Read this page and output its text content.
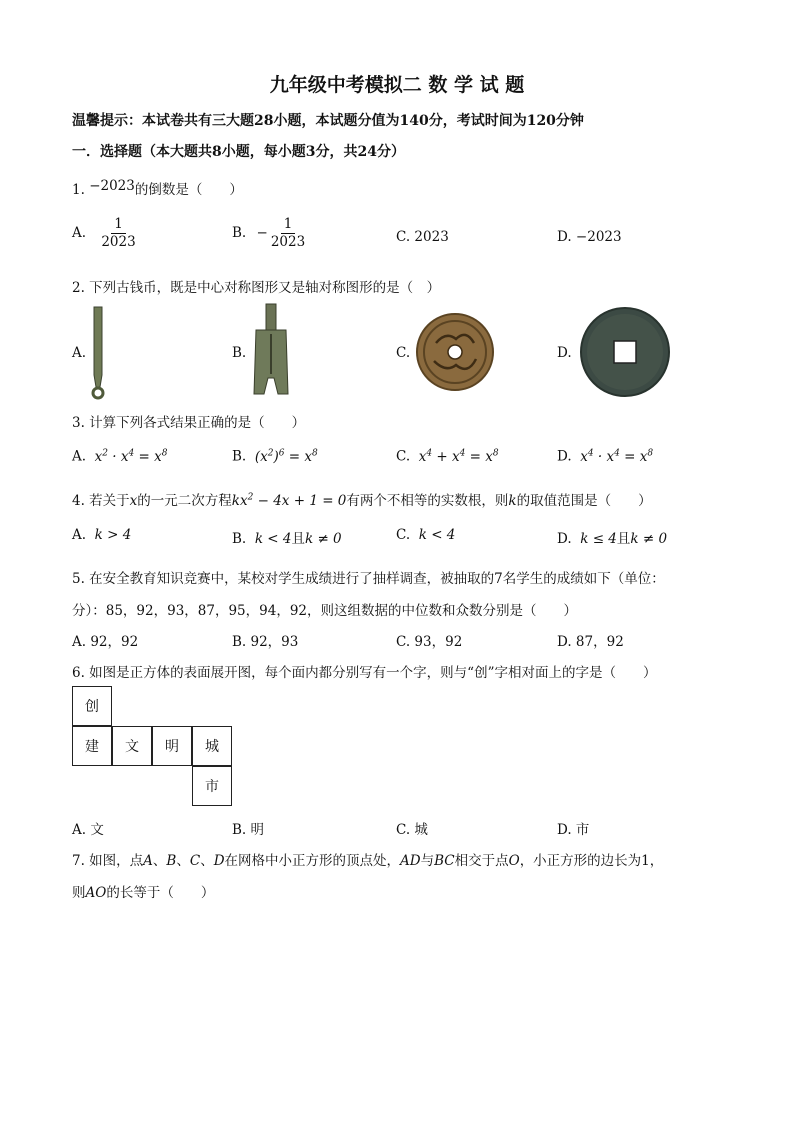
九年级中考模拟二 数 学 试 题
温馨提示：本试卷共有三大题28小题，本试题分值为140分，考试时间为120分钟
一．选择题（本大题共8小题，每小题3分，共24分）
1. −2023的倒数是（　　）
A. $\frac{1}{2023}$	B. − $\frac{1}{2023}$	C. 2023	D. −2023
2. 下列古钱币，既是中心对称图形又是轴对称图形的是（　）
A.	B.	C.	D.
3. 计算下列各式结果正确的是（　　）
A. $x^2 \cdot x^4 = x^8$	B. $(x^2)^6 = x^8$	C. $x^4 + x^4 = x^8$	D. $x^4 \cdot x^4 = x^8$
4. 若关于x的一元二次方程$kx^2 - 4x + 1 = 0$有两个不相等的实数根，则k的取值范围是（　　）
A. k > 4	B. k < 4且k ≠ 0	C. k < 4	D. k ≤ 4且k ≠ 0
5. 在安全教育知识竞赛中，某校对学生成绩进行了抽样调查，被抽取的7名学生的成绩如下（单位：
分）：85，92，93，87，95，94，92，则这组数据的中位数和众数分别是（　　）
A. 92，92	B. 92，93	C. 93，92	D. 87，92
6. 如图是正方体的表面展开图，每个面内都分别写有一个字，则与“创”字相对面上的字是（　　）
创
建	文	明	城
市
A. 文	B. 明	C. 城	D. 市
7. 如图，点A、B、C、D在网格中小正方形的顶点处，AD与BC相交于点O，小正方形的边长为1，
则AO的长等于（　　）
